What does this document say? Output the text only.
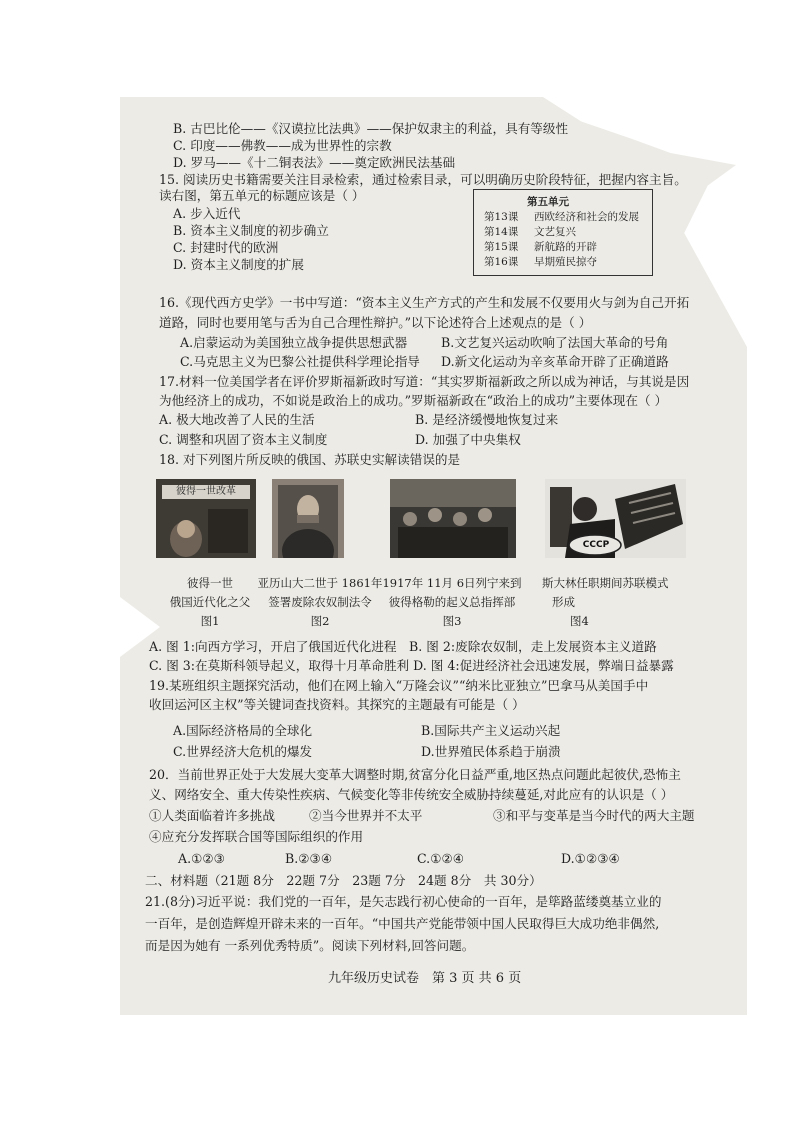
B. 古巴比伦——《汉谟拉比法典》——保护奴隶主的利益，具有等级性
C. 印度——佛教——成为世界性的宗教
D. 罗马——《十二铜表法》——奠定欧洲民法基础
15. 阅读历史书籍需要关注目录检索，通过检索目录，可以明确历史阶段特征，把握内容主旨。
读右图，第五单元的标题应该是（ ）
A. 步入近代
B. 资本主义制度的初步确立
C. 封建时代的欧洲
D. 资本主义制度的扩展
第五单元
第13课 西欧经济和社会的发展
第14课 文艺复兴
第15课 新航路的开辟
第16课 早期殖民掠夺
16.《现代西方史学》一书中写道：“资本主义生产方式的产生和发展不仅要用火与剑为自己开拓
道路，同时也要用笔与舌为自己合理性辩护。”以下论述符合上述观点的是（ ）
A.启蒙运动为美国独立战争提供思想武器	B.文艺复兴运动吹响了法国大革命的号角
C.马克思主义为巴黎公社提供科学理论指导 D.新文化运动为辛亥革命开辟了正确道路
17.材料一位美国学者在评价罗斯福新政时写道：“其实罗斯福新政之所以成为神话，与其说是因
为他经济上的成功，不如说是政治上的成功。”罗斯福新政在“政治上的成功”主要体现在（ ）
A. 极大地改善了人民的生活	B. 是经济缓慢地恢复过来
C. 调整和巩固了资本主义制度	D. 加强了中央集权
18. 对下列图片所反映的俄国、苏联史实解读错误的是
彼得一世改革
CCCP
彼得一世
俄国近代化之父
图1
亚历山大二世于 1861年
签署废除农奴制法令
图2
1917年 11月 6日列宁来到
彼得格勒的起义总指挥部
图3
斯大林任职期间苏联模式
形成
图4
A. 图 1:向西方学习，开启了俄国近代化进程　B. 图 2:废除农奴制，走上发展资本主义道路
C. 图 3:在莫斯科领导起义，取得十月革命胜利 D. 图 4:促进经济社会迅速发展，弊端日益暴露
19.某班组织主题探究活动，他们在网上输入“万隆会议”“纳米比亚独立”巴拿马从美国手中
收回运河区主权”等关键词查找资料。其探究的主题最有可能是（ ）
A.国际经济格局的全球化	B.国际共产主义运动兴起
C.世界经济大危机的爆发	D.世界殖民体系趋于崩溃
20．当前世界正处于大发展大变革大调整时期,贫富分化日益严重,地区热点问题此起彼伏,恐怖主
义、网络安全、重大传染性疾病、气候变化等非传统安全威胁持续蔓延,对此应有的认识是（ ）
①人类面临着许多挑战	②当今世界并不太平	③和平与变革是当今时代的两大主题
④应充分发挥联合国等国际组织的作用
A.①②③	B.②③④	C.①②④	D.①②③④
二、材料题（21题 8分　22题 7分　23题 7分　24题 8分　共 30分）
21.(8分)习近平说：我们党的一百年，是矢志践行初心使命的一百年，是筚路蓝缕奠基立业的
一百年，是创造辉煌开辟未来的一百年。“中国共产党能带领中国人民取得巨大成功绝非偶然,
而是因为她有 一系列优秀特质”。阅读下列材料,回答问题。
九年级历史试卷　第 3 页 共 6 页
